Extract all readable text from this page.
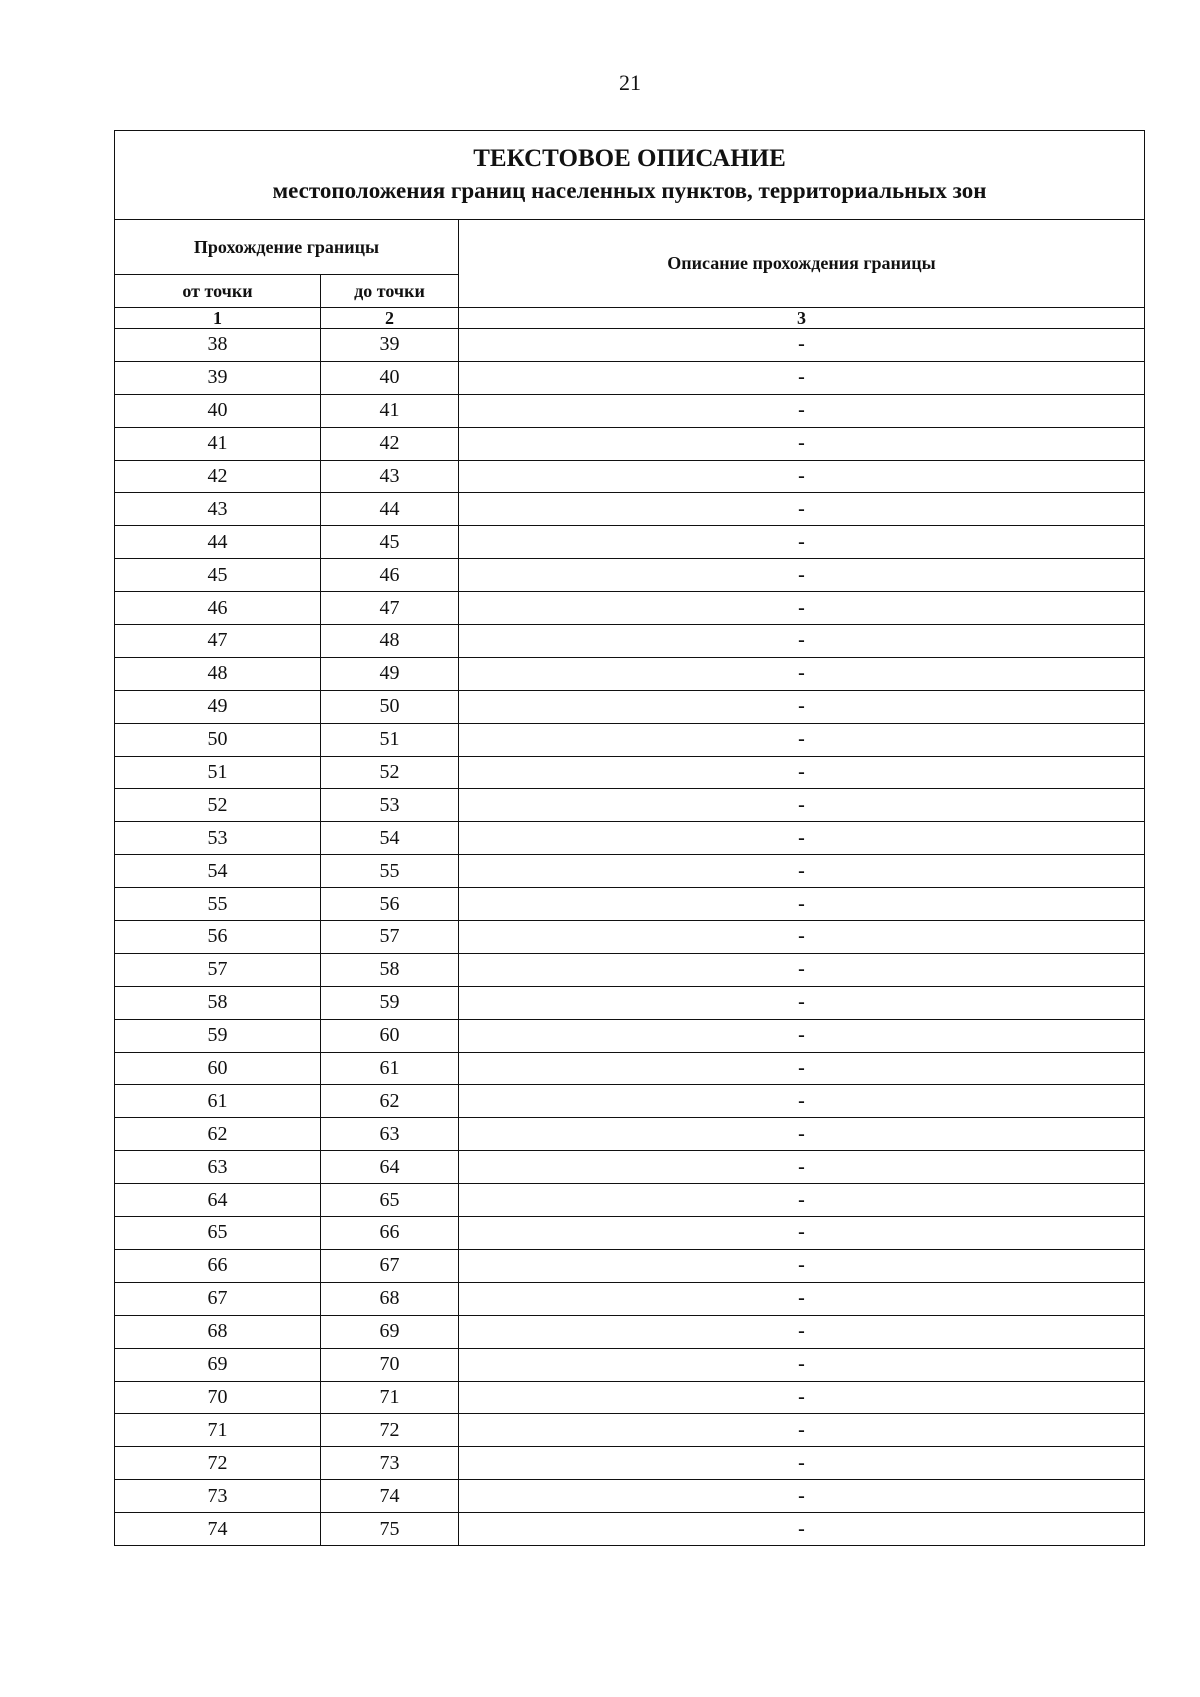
21
ТЕКСТОВОЕ ОПИСАНИЕ
местоположения границ населенных пунктов, территориальных зон		

Прохождение границы		Описание прохождения границы
от точки	до точки	
1	2	3
38	39	-
39	40	-
40	41	-
41	42	-
42	43	-
43	44	-
44	45	-
45	46	-
46	47	-
47	48	-
48	49	-
49	50	-
50	51	-
51	52	-
52	53	-
53	54	-
54	55	-
55	56	-
56	57	-
57	58	-
58	59	-
59	60	-
60	61	-
61	62	-
62	63	-
63	64	-
64	65	-
65	66	-
66	67	-
67	68	-
68	69	-
69	70	-
70	71	-
71	72	-
72	73	-
73	74	-
74	75	-
